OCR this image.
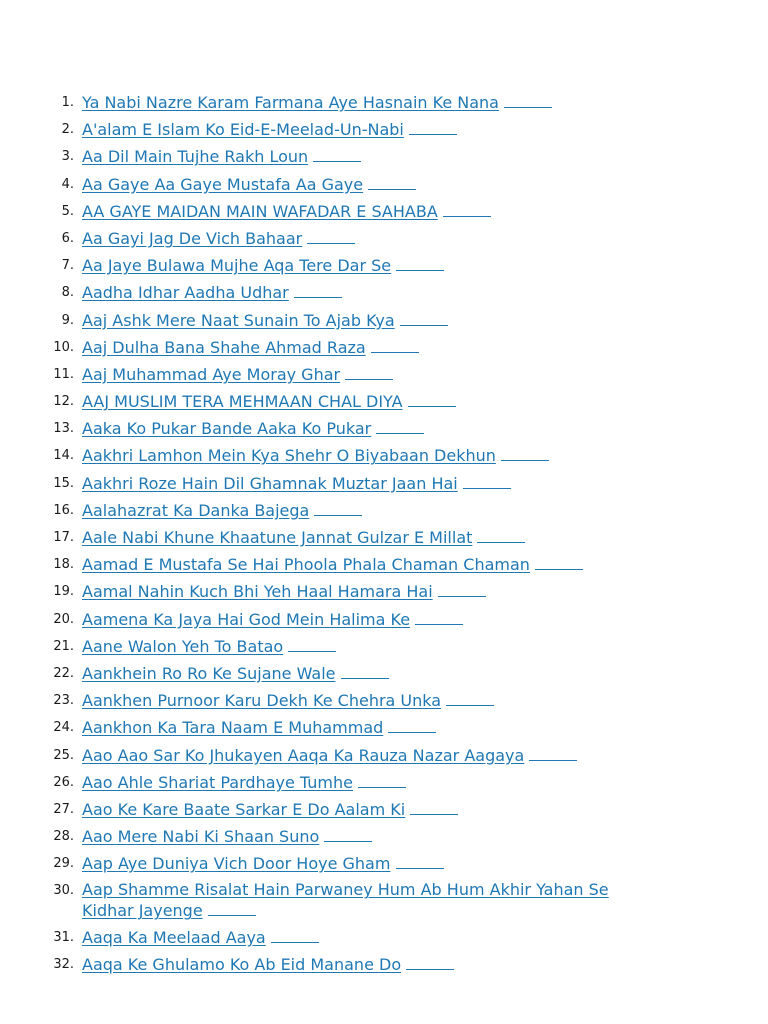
1. Ya Nabi Nazre Karam Farmana Aye Hasnain Ke Nana
2. A'alam E Islam Ko Eid-E-Meelad-Un-Nabi
3. Aa Dil Main Tujhe Rakh Loun
4. Aa Gaye Aa Gaye Mustafa Aa Gaye
5. AA GAYE MAIDAN MAIN WAFADAR E SAHABA
6. Aa Gayi Jag De Vich Bahaar
7. Aa Jaye Bulawa Mujhe Aqa Tere Dar Se
8. Aadha Idhar Aadha Udhar
9. Aaj Ashk Mere Naat Sunain To Ajab Kya
10. Aaj Dulha Bana Shahe Ahmad Raza
11. Aaj Muhammad Aye Moray Ghar
12. AAJ MUSLIM TERA MEHMAAN CHAL DIYA
13. Aaka Ko Pukar Bande Aaka Ko Pukar
14. Aakhri Lamhon Mein Kya Shehr O Biyabaan Dekhun
15. Aakhri Roze Hain Dil Ghamnak Muztar Jaan Hai
16. Aalahazrat Ka Danka Bajega
17. Aale Nabi Khune Khaatune Jannat Gulzar E Millat
18. Aamad E Mustafa Se Hai Phoola Phala Chaman Chaman
19. Aamal Nahin Kuch Bhi Yeh Haal Hamara Hai
20. Aamena Ka Jaya Hai God Mein Halima Ke
21. Aane Walon Yeh To Batao
22. Aankhein Ro Ro Ke Sujane Wale
23. Aankhen Purnoor Karu Dekh Ke Chehra Unka
24. Aankhon Ka Tara Naam E Muhammad
25. Aao Aao Sar Ko Jhukayen Aaqa Ka Rauza Nazar Aagaya
26. Aao Ahle Shariat Pardhaye Tumhe
27. Aao Ke Kare Baate Sarkar E Do Aalam Ki
28. Aao Mere Nabi Ki Shaan Suno
29. Aap Aye Duniya Vich Door Hoye Gham
30. Aap Shamme Risalat Hain Parwaney Hum Ab Hum Akhir Yahan Se Kidhar Jayenge
31. Aaqa Ka Meelaad Aaya
32. Aaqa Ke Ghulamo Ko Ab Eid Manane Do
